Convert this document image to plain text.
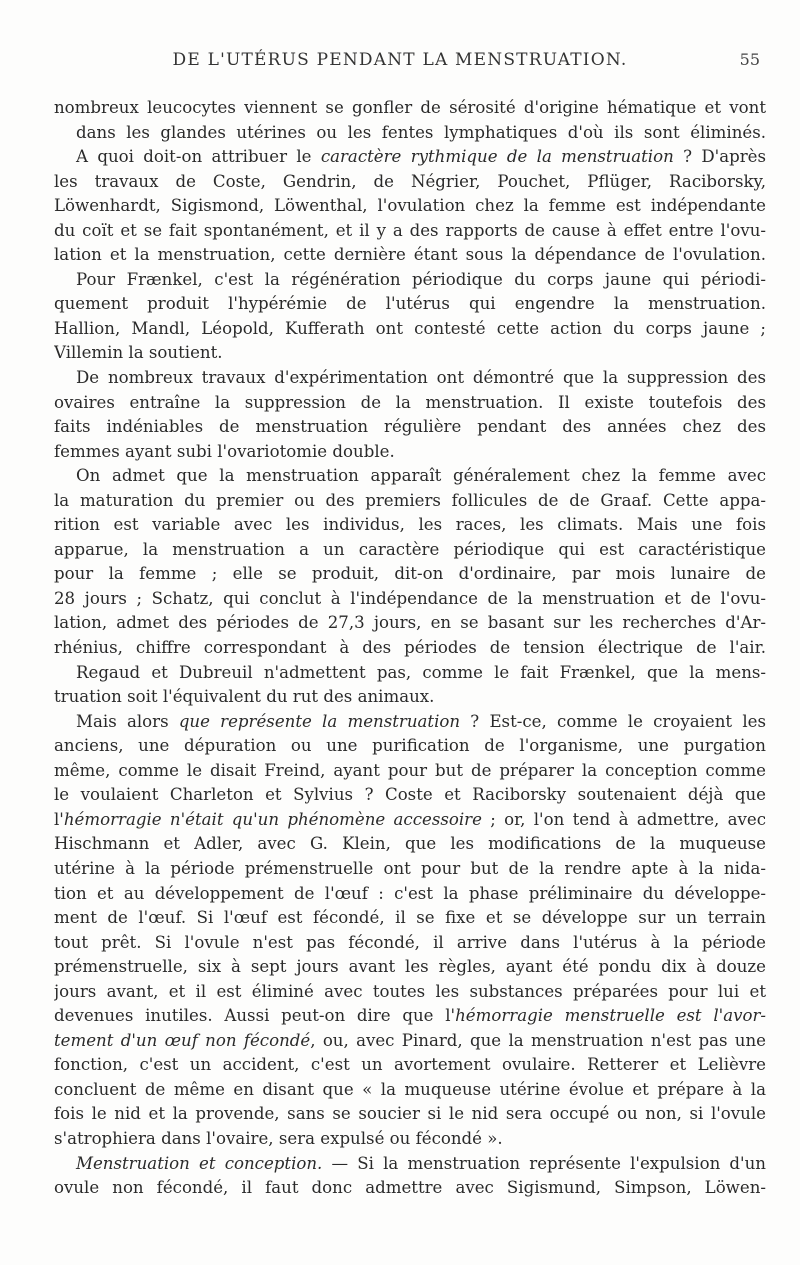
DE L'UTÉRUS PENDANT LA MENSTRUATION.	55
nombreux leucocytes viennent se gonfler de sérosité d'origine hématique et vont
dans les glandes utérines ou les fentes lymphatiques d'où ils sont éliminés.
A quoi doit-on attribuer le caractère rythmique de la menstruation ? D'après
les travaux de Coste, Gendrin, de Négrier, Pouchet, Pflüger, Raciborsky,
Löwenhardt, Sigismond, Löwenthal, l'ovulation chez la femme est indépendante
du coït et se fait spontanément, et il y a des rapports de cause à effet entre l'ovu-
lation et la menstruation, cette dernière étant sous la dépendance de l'ovulation.
Pour Frænkel, c'est la régénération périodique du corps jaune qui périodi-
quement produit l'hypérémie de l'utérus qui engendre la menstruation.
Hallion, Mandl, Léopold, Kufferath ont contesté cette action du corps jaune ;
Villemin la soutient.
De nombreux travaux d'expérimentation ont démontré que la suppression des
ovaires entraîne la suppression de la menstruation. Il existe toutefois des
faits indéniables de menstruation régulière pendant des années chez des
femmes ayant subi l'ovariotomie double.
On admet que la menstruation apparaît généralement chez la femme avec
la maturation du premier ou des premiers follicules de de Graaf. Cette appa-
rition est variable avec les individus, les races, les climats. Mais une fois
apparue, la menstruation a un caractère périodique qui est caractéristique
pour la femme ; elle se produit, dit-on d'ordinaire, par mois lunaire de
28 jours ; Schatz, qui conclut à l'indépendance de la menstruation et de l'ovu-
lation, admet des périodes de 27,3 jours, en se basant sur les recherches d'Ar-
rhénius, chiffre correspondant à des périodes de tension électrique de l'air.
Regaud et Dubreuil n'admettent pas, comme le fait Frænkel, que la mens-
truation soit l'équivalent du rut des animaux.
Mais alors que représente la menstruation ? Est-ce, comme le croyaient les
anciens, une dépuration ou une purification de l'organisme, une purgation
même, comme le disait Freind, ayant pour but de préparer la conception comme
le voulaient Charleton et Sylvius ? Coste et Raciborsky soutenaient déjà que
l'hémorragie n'était qu'un phénomène accessoire ; or, l'on tend à admettre, avec
Hischmann et Adler, avec G. Klein, que les modifications de la muqueuse
utérine à la période prémenstruelle ont pour but de la rendre apte à la nida-
tion et au développement de l'œuf : c'est la phase préliminaire du développe-
ment de l'œuf. Si l'œuf est fécondé, il se fixe et se développe sur un terrain
tout prêt. Si l'ovule n'est pas fécondé, il arrive dans l'utérus à la période
prémenstruelle, six à sept jours avant les règles, ayant été pondu dix à douze
jours avant, et il est éliminé avec toutes les substances préparées pour lui et
devenues inutiles. Aussi peut-on dire que l'hémorragie menstruelle est l'avor-
tement d'un œuf non fécondé, ou, avec Pinard, que la menstruation n'est pas une
fonction, c'est un accident, c'est un avortement ovulaire. Retterer et Lelièvre
concluent de même en disant que « la muqueuse utérine évolue et prépare à la
fois le nid et la provende, sans se soucier si le nid sera occupé ou non, si l'ovule
s'atrophiera dans l'ovaire, sera expulsé ou fécondé ».
Menstruation et conception. — Si la menstruation représente l'expulsion d'un
ovule non fécondé, il faut donc admettre avec Sigismund, Simpson, Löwen-
